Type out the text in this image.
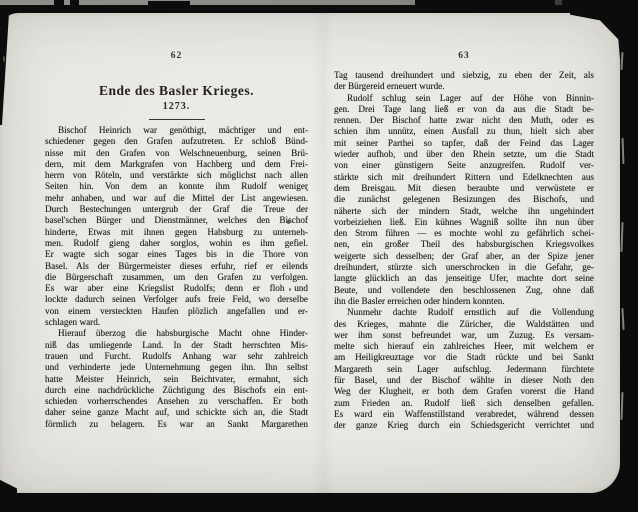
62
Ende des Basler Krieges.
1273.
Bischof Heinrich war genöthigt, mächtiger und ent-
schiedener gegen den Grafen aufzutreten. Er schloß Bünd-
nisse mit den Grafen von Welschneuenburg, seinen Brü-
dern, mit dem Markgrafen von Hachberg und dem Frei-
herrn von Röteln, und verstärkte sich möglichst nach allen
Seiten hin. Von dem an konnte ihm Rudolf weniger
mehr anhaben, und war auf die Mittel der List angewiesen.
Durch Bestechungen untergrub der Graf die Treue der
basel'schen Bürger und Dienstmänner, welches den Bischof
hinderte, Etwas mit ihnen gegen Habsburg zu unterneh-
men. Rudolf gieng daher sorglos, wohin es ihm gefiel.
Er wagte sich sogar eines Tages bis in die Thore von
Basel. Als der Bürgermeister dieses erfuhr, rief er eilends
die Bürgerschaft zusammen, um den Grafen zu verfolgen.
Es war aber eine Kriegslist Rudolfs; denn er floh und
lockte dadurch seinen Verfolger aufs freie Feld, wo derselbe
von einem versteckten Haufen plözlich angefallen und er-
schlagen ward.
Hierauf überzog die habsburgische Macht ohne Hinder-
niß das umliegende Land. In der Stadt herrschten Mis-
trauen und Furcht. Rudolfs Anhang war sehr zahlreich
und verhinderte jede Unternehmung gegen ihn. Ihn selbst
hatte Meister Heinrich, sein Beichtvater, ermahnt, sich
durch eine nachdrückliche Züchtigung des Bischofs ein ent-
schieden vorherrschendes Ansehen zu verschaffen. Er both
daher seine ganze Macht auf, und schickte sich an, die Stadt
förmlich zu belagern. Es war an Sankt Margarethen
63
Tag tausend dreihundert und siebzig, zu eben der Zeit, als
der Bürgereid erneuert wurde.
Rudolf schlug sein Lager auf der Höhe von Binnin-
gen. Drei Tage lang ließ er von da aus die Stadt be-
rennen. Der Bischof hatte zwar nicht den Muth, oder es
schien ihm unnütz, einen Ausfall zu thun, hielt sich aber
mit seiner Parthei so tapfer, daß der Feind das Lager
wieder aufhob, und über den Rhein setzte, um die Stadt
von einer günstigern Seite anzugreifen. Rudolf ver-
stärkte sich mit dreihundert Rittern und Edelknechten aus
dem Breisgau. Mit diesen beraubte und verwüstete er
die zunächst gelegenen Besizungen des Bischofs, und
näherte sich der mindern Stadt, welche ihn ungehindert
vorbeiziehen ließ. Ein kühnes Wagniß sollte ihn nun über
den Strom führen — es mochte wohl zu gefährlich schei-
nen, ein großer Theil des habsburgischen Kriegsvolkes
weigerte sich desselben; der Graf aber, an der Spize jener
dreihundert, stürzte sich unerschrocken in die Gefahr, ge-
langte glücklich an das jenseitige Ufer, machte dort seine
Beute, und vollendete den beschlossenen Zug, ohne daß
ihn die Basler erreichen oder hindern konnten.
Nunmehr dachte Rudolf ernstlich auf die Vollendung
des Krieges, mahnte die Züricher, die Waldstätten und
wer ihm sonst befreundet war, um Zuzug. Es versam-
melte sich hierauf ein zahlreiches Heer, mit welchem er
am Heiligkreuztage vor die Stadt rückte und bei Sankt
Margareth sein Lager aufschlug. Jedermann fürchtete
für Basel, und der Bischof wählte in dieser Noth den
Weg der Klugheit, er both dem Grafen vorerst die Hand
zum Frieden an. Rudolf ließ sich denselben gefallen.
Es ward ein Waffenstillstand verabredet, während dessen
der ganze Krieg durch ein Schiedsgericht verrichtet und
